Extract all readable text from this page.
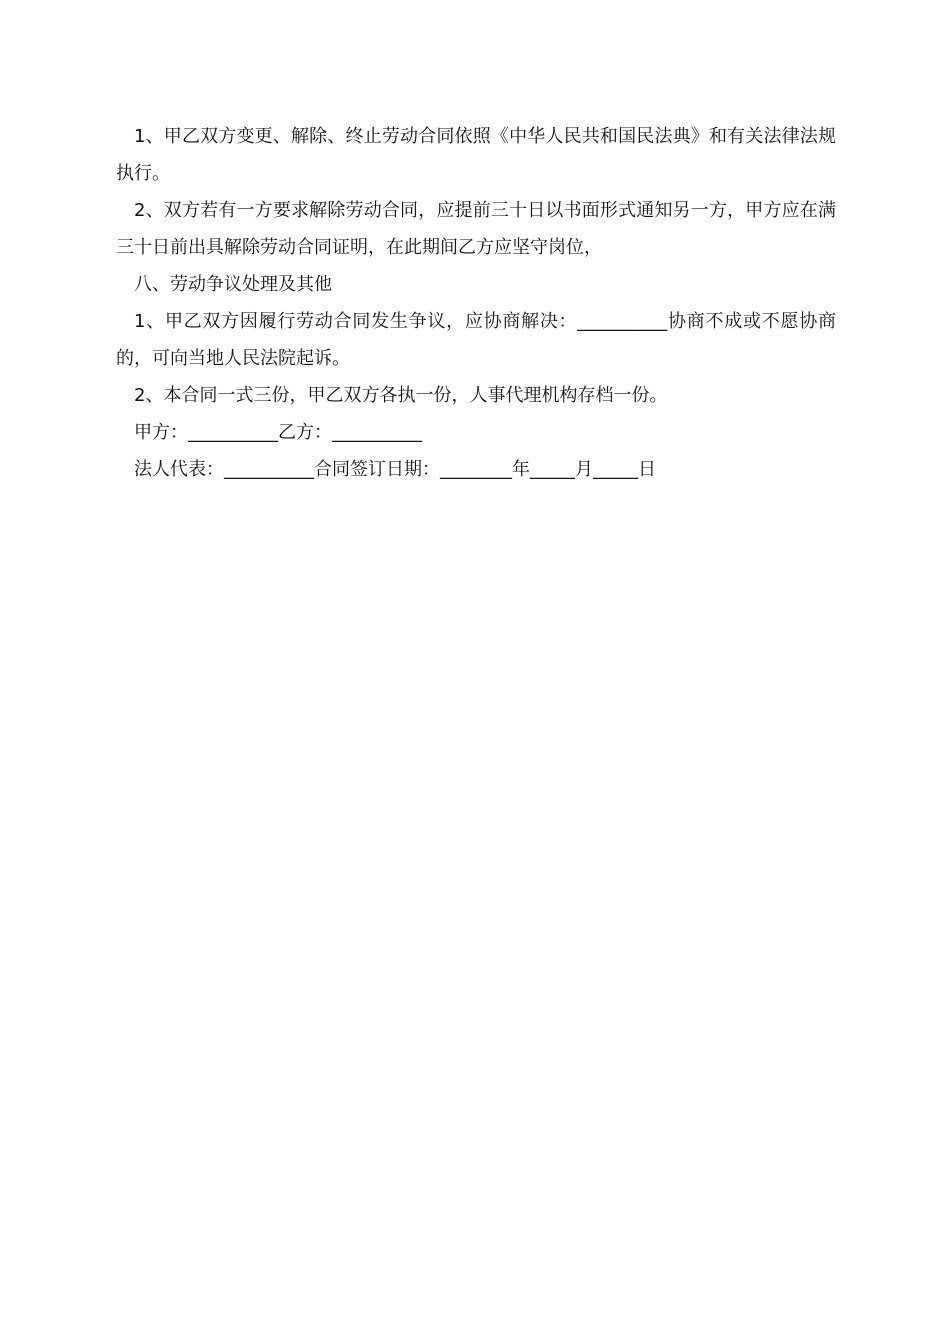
1、甲乙双方变更、解除、终止劳动合同依照《中华人民共和国民法典》和有关法律法规执行。

2、双方若有一方要求解除劳动合同，应提前三十日以书面形式通知另一方，甲方应在满三十日前出具解除劳动合同证明，在此期间乙方应坚守岗位，

八、劳动争议处理及其他

1、甲乙双方因履行劳动合同发生争议，应协商解决：__________协商不成或不愿协商的，可向当地人民法院起诉。

2、本合同一式三份，甲乙双方各执一份，人事代理机构存档一份。

甲方：__________乙方：__________

法人代表：__________合同签订日期：________年_____月_____日
